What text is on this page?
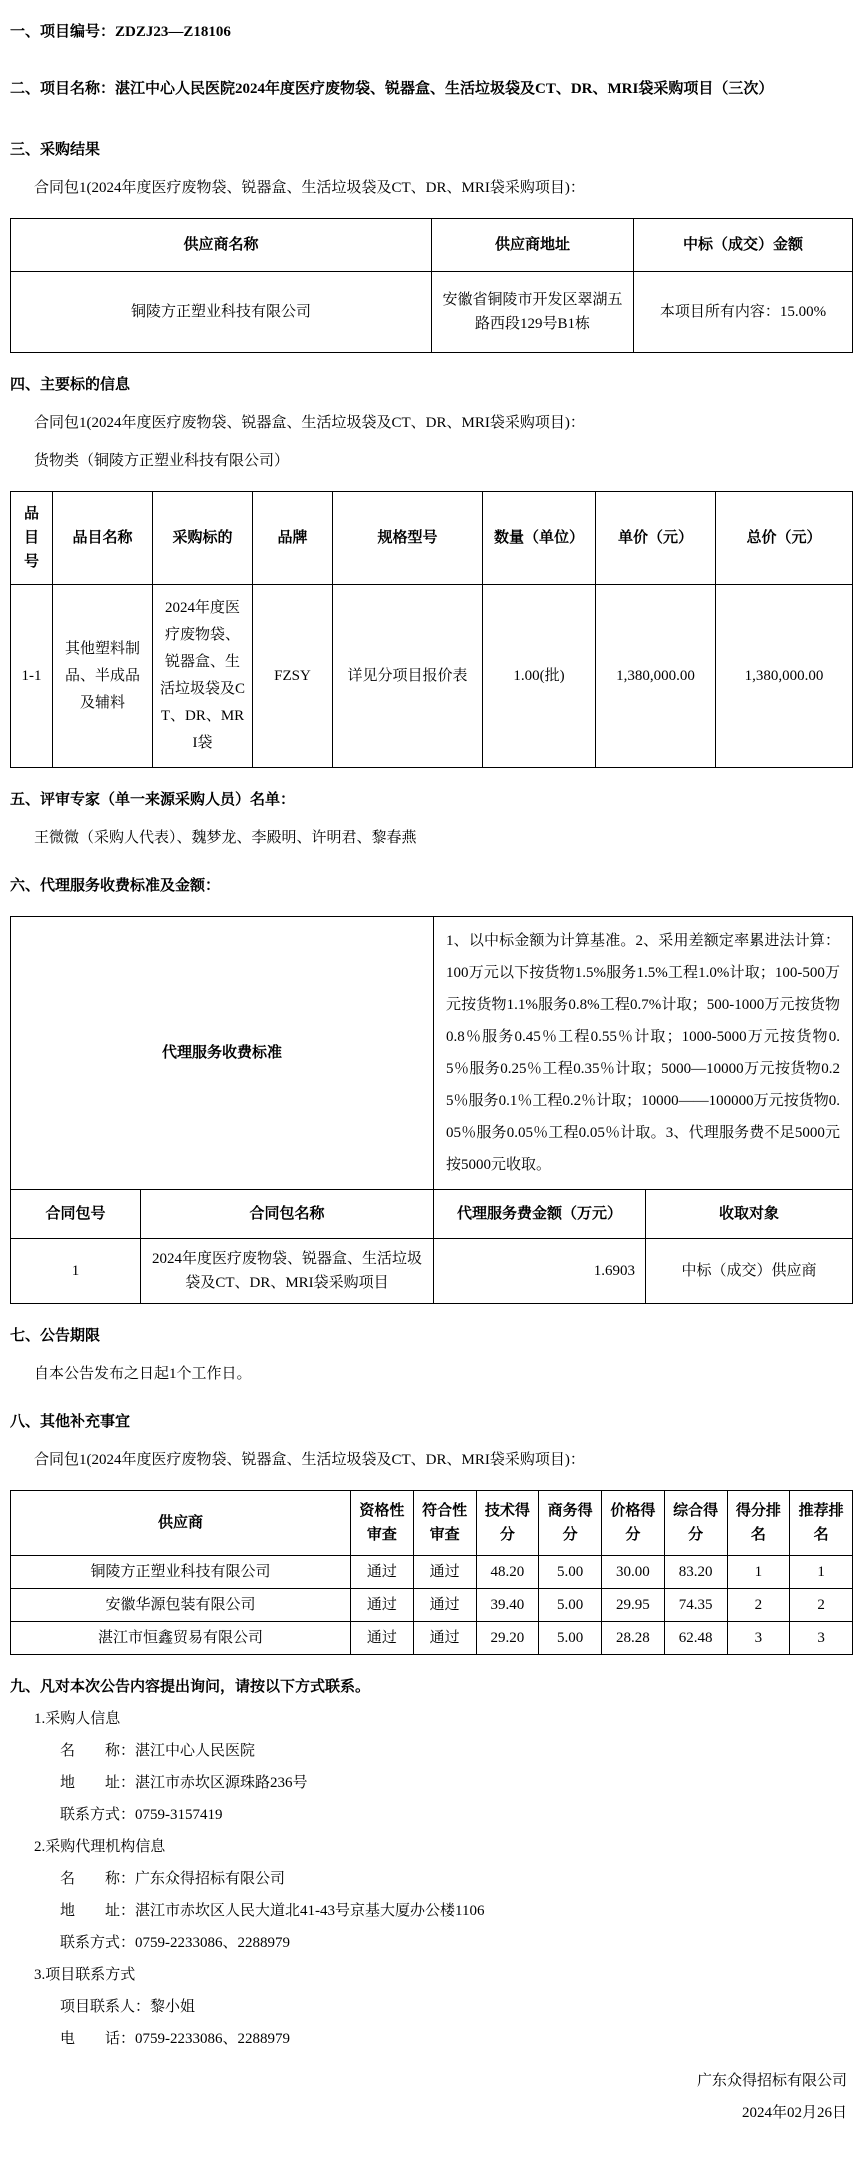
一、项目编号：ZDZJ23—Z18106
二、项目名称：湛江中心人民医院2024年度医疗废物袋、锐器盒、生活垃圾袋及CT、DR、MRI袋采购项目（三次）
三、采购结果
合同包1(2024年度医疗废物袋、锐器盒、生活垃圾袋及CT、DR、MRI袋采购项目)：
供应商名称	供应商地址	中标（成交）金额
铜陵方正塑业科技有限公司	安徽省铜陵市开发区翠湖五路西段129号B1栋	本项目所有内容：15.00%
四、主要标的信息
合同包1(2024年度医疗废物袋、锐器盒、生活垃圾袋及CT、DR、MRI袋采购项目)：
货物类（铜陵方正塑业科技有限公司）
品目号	品目名称	采购标的	品牌	规格型号	数量（单位）	单价（元）	总价（元）
1-1	其他塑料制品、半成品及辅料	2024年度医疗废物袋、锐器盒、生活垃圾袋及CT、DR、MRI袋	FZSY	详见分项目报价表	1.00(批)	1,380,000.00	1,380,000.00
五、评审专家（单一来源采购人员）名单：
王微微（采购人代表）、魏梦龙、李殿明、许明君、黎春燕
六、代理服务收费标准及金额：
代理服务收费标准		1、以中标金额为计算基准。2、采用差额定率累进法计算：100万元以下按货物1.5%服务1.5%工程1.0%计取；100-500万元按货物1.1%服务0.8%工程0.7%计取；500-1000万元按货物0.8％服务0.45％工程0.55％计取；1000-5000万元按货物0.5％服务0.25％工程0.35％计取；5000—10000万元按货物0.25％服务0.1％工程0.2％计取；10000——100000万元按货物0.05％服务0.05％工程0.05％计取。3、代理服务费不足5000元按5000元收取。	
合同包号	合同包名称	代理服务费金额（万元）	收取对象
1	2024年度医疗废物袋、锐器盒、生活垃圾袋及CT、DR、MRI袋采购项目	1.6903	中标（成交）供应商
七、公告期限
自本公告发布之日起1个工作日。
八、其他补充事宜
合同包1(2024年度医疗废物袋、锐器盒、生活垃圾袋及CT、DR、MRI袋采购项目)：
供应商	资格性审查	符合性审查	技术得分	商务得分	价格得分	综合得分	得分排名	推荐排名
铜陵方正塑业科技有限公司	通过	通过	48.20	5.00	30.00	83.20	1	1
安徽华源包装有限公司	通过	通过	39.40	5.00	29.95	74.35	2	2
湛江市恒鑫贸易有限公司	通过	通过	29.20	5.00	28.28	62.48	3	3
九、凡对本次公告内容提出询问，请按以下方式联系。
1.采购人信息
名　　称：湛江中心人民医院
地　　址：湛江市赤坎区源珠路236号
联系方式：0759-3157419
2.采购代理机构信息
名　　称：广东众得招标有限公司
地　　址：湛江市赤坎区人民大道北41-43号京基大厦办公楼1106
联系方式：0759-2233086、2288979
3.项目联系方式
项目联系人：黎小姐
电　　话：0759-2233086、2288979
广东众得招标有限公司
2024年02月26日
